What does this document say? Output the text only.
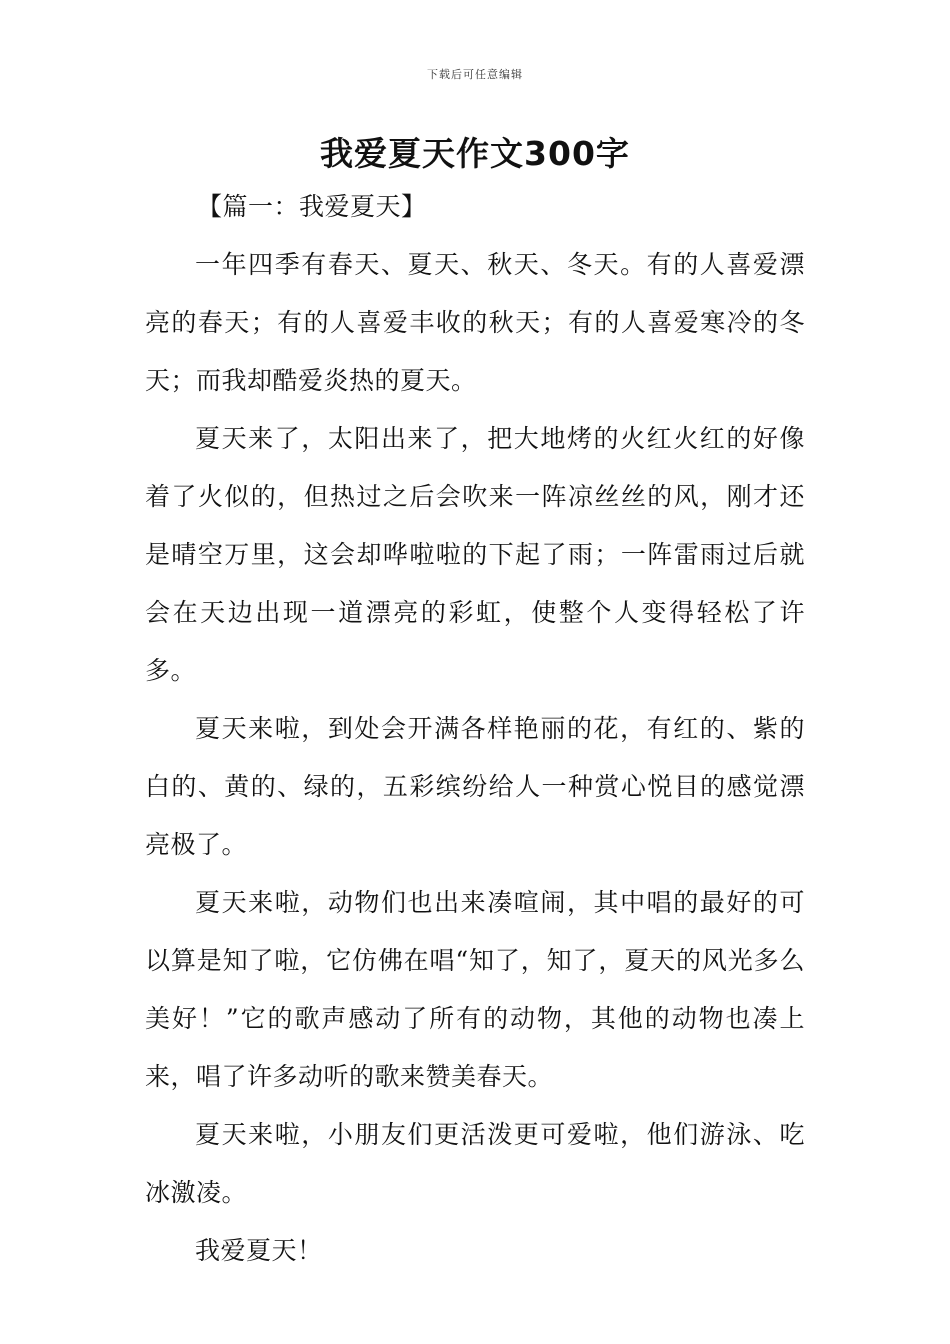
下载后可任意编辑
我爱夏天作文300字
【篇一：我爱夏天】

一年四季有春天、夏天、秋天、冬天。有的人喜爱漂亮的春天；有的人喜爱丰收的秋天；有的人喜爱寒冷的冬天；而我却酷爱炎热的夏天。

夏天来了，太阳出来了，把大地烤的火红火红的好像着了火似的，但热过之后会吹来一阵凉丝丝的风，刚才还是晴空万里，这会却哗啦啦的下起了雨；一阵雷雨过后就会在天边出现一道漂亮的彩虹，使整个人变得轻松了许多。

夏天来啦，到处会开满各样艳丽的花，有红的、紫的白的、黄的、绿的，五彩缤纷给人一种赏心悦目的感觉漂亮极了。

夏天来啦，动物们也出来凑喧闹，其中唱的最好的可以算是知了啦，它仿佛在唱“知了，知了，夏天的风光多么美好！”它的歌声感动了所有的动物，其他的动物也凑上来，唱了许多动听的歌来赞美春天。

夏天来啦，小朋友们更活泼更可爱啦，他们游泳、吃冰激凌。

我爱夏天！
